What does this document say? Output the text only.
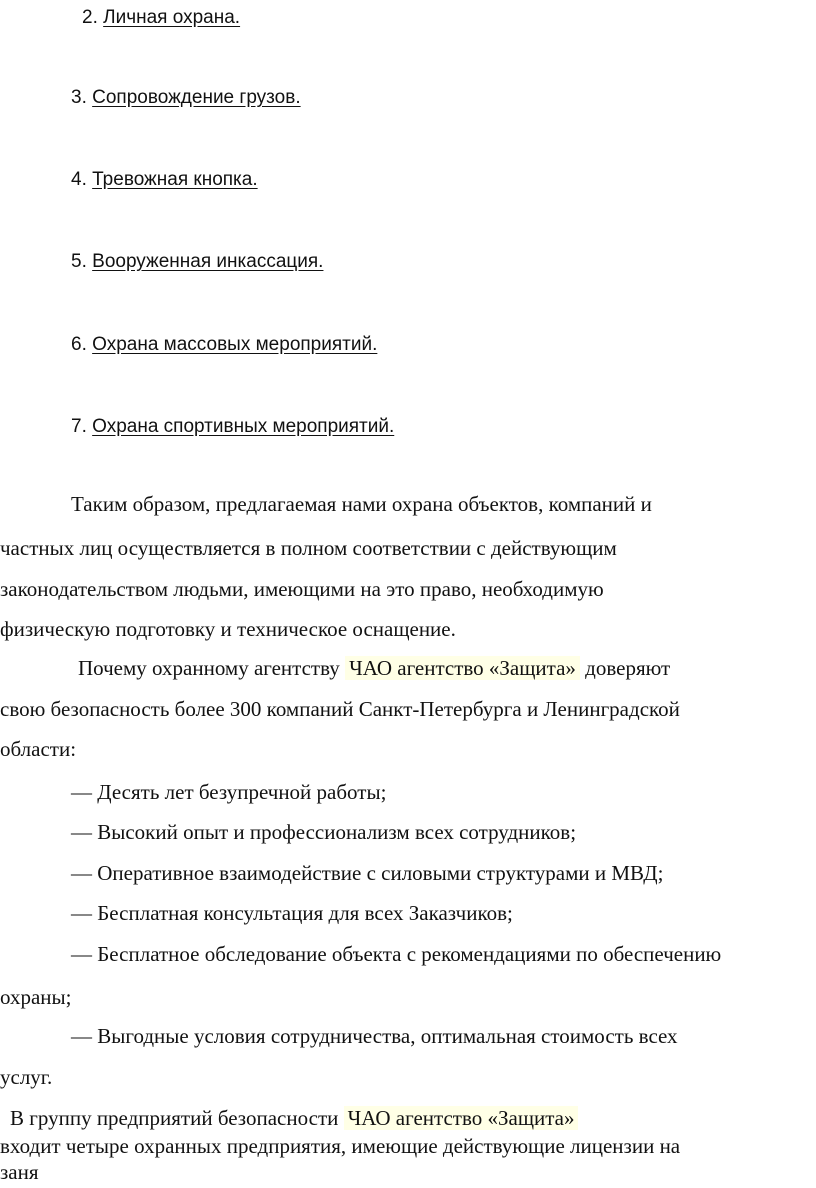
2. Личная охрана.
3. Сопровождение грузов.
4. Тревожная кнопка.
5. Вооруженная инкассация.
6. Охрана массовых мероприятий.
7. Охрана спортивных мероприятий.
Таким образом, предлагаемая нами охрана объектов, компаний и
частных лиц осуществляется в полном соответствии с действующим
законодательством людьми, имеющими на это право, необходимую
физическую подготовку и техническое оснащение.
Почему охранному агентству ЧАО агентство «Защита» доверяют
свою безопасность более 300 компаний Санкт-Петербурга и Ленинградской
области:
— Десять лет безупречной работы;
— Высокий опыт и профессионализм всех сотрудников;
— Оперативное взаимодействие с силовыми структурами и МВД;
— Бесплатная консультация для всех Заказчиков;
— Бесплатное обследование объекта с рекомендациями по обеспечению
охраны;
— Выгодные условия сотрудничества, оптимальная стоимость всех
услуг.
В группу предприятий безопасности ЧАО агентство «Защита»
входит четыре охранных предприятия, имеющие действующие лицензии на
заня
